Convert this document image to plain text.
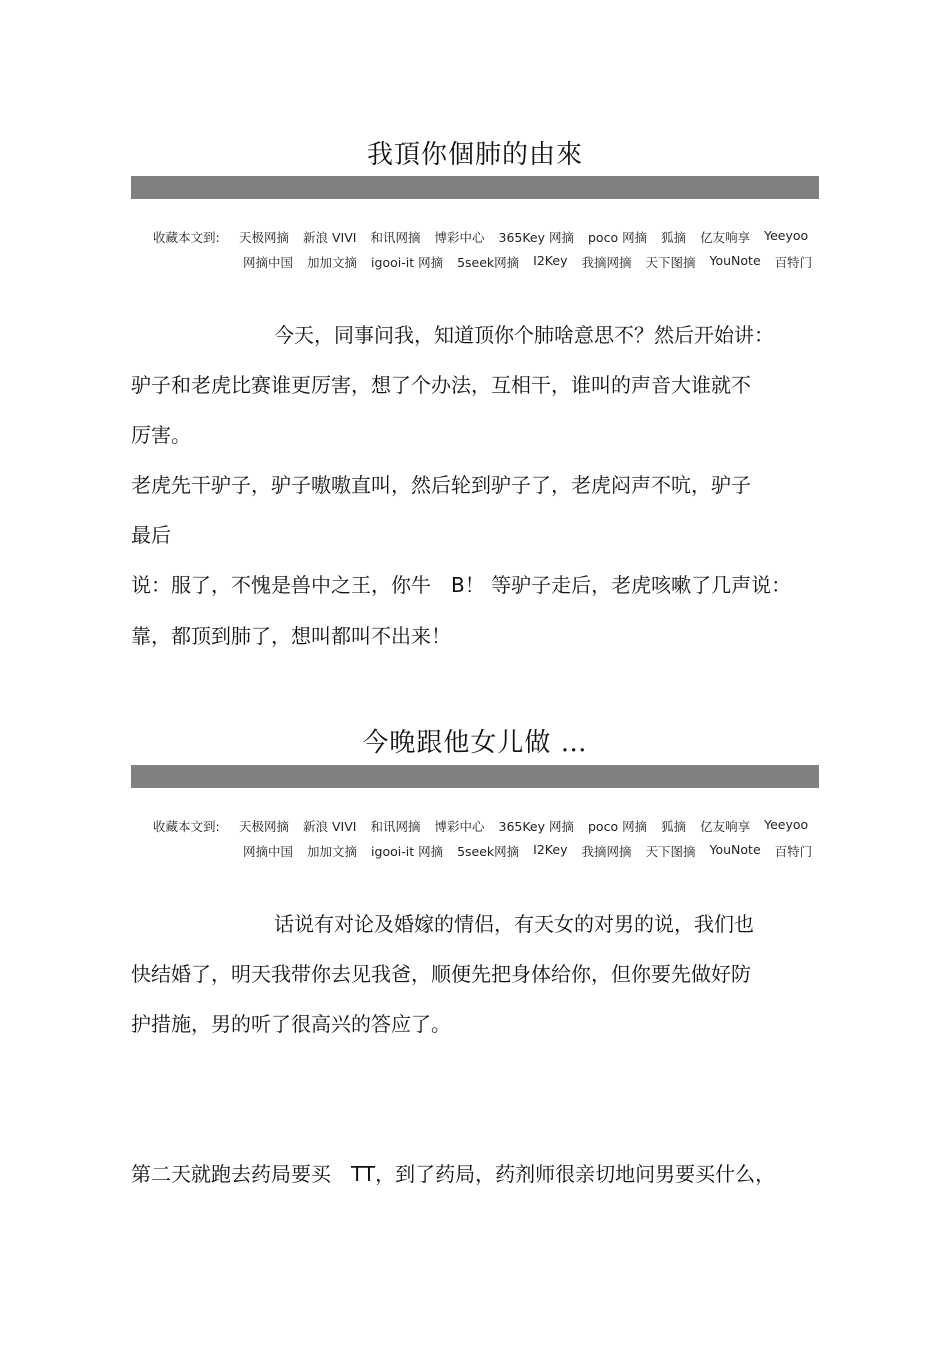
我頂你個肺的由來
收藏本文到: 天极网摘 新浪 VIVI 和讯网摘 博彩中心 365Key 网摘 poco 网摘 狐摘 亿友响享 Yeeyoo
网摘中国 加加文摘 igooi-it 网摘 5seek网摘 I2Key 我摘网摘 天下图摘 YouNote 百特门
今天，同事问我，知道顶你个肺啥意思不？然后开始讲：
驴子和老虎比赛谁更厉害，想了个办法，互相干，谁叫的声音大谁就不
厉害。
老虎先干驴子，驴子嗷嗷直叫，然后轮到驴子了，老虎闷声不吭，驴子
最后
说：服了，不愧是兽中之王，你牛　B！ 等驴子走后，老虎咳嗽了几声说：
靠，都顶到肺了，想叫都叫不出来！
今晚跟他女儿做 …
收藏本文到: 天极网摘 新浪 VIVI 和讯网摘 博彩中心 365Key 网摘 poco 网摘 狐摘 亿友响享 Yeeyoo
网摘中国 加加文摘 igooi-it 网摘 5seek网摘 I2Key 我摘网摘 天下图摘 YouNote 百特门
话说有对论及婚嫁的情侣，有天女的对男的说，我们也
快结婚了，明天我带你去见我爸，顺便先把身体给你，但你要先做好防
护措施，男的听了很高兴的答应了。
第二天就跑去药局要买　TT，到了药局，药剂师很亲切地问男要买什么，
